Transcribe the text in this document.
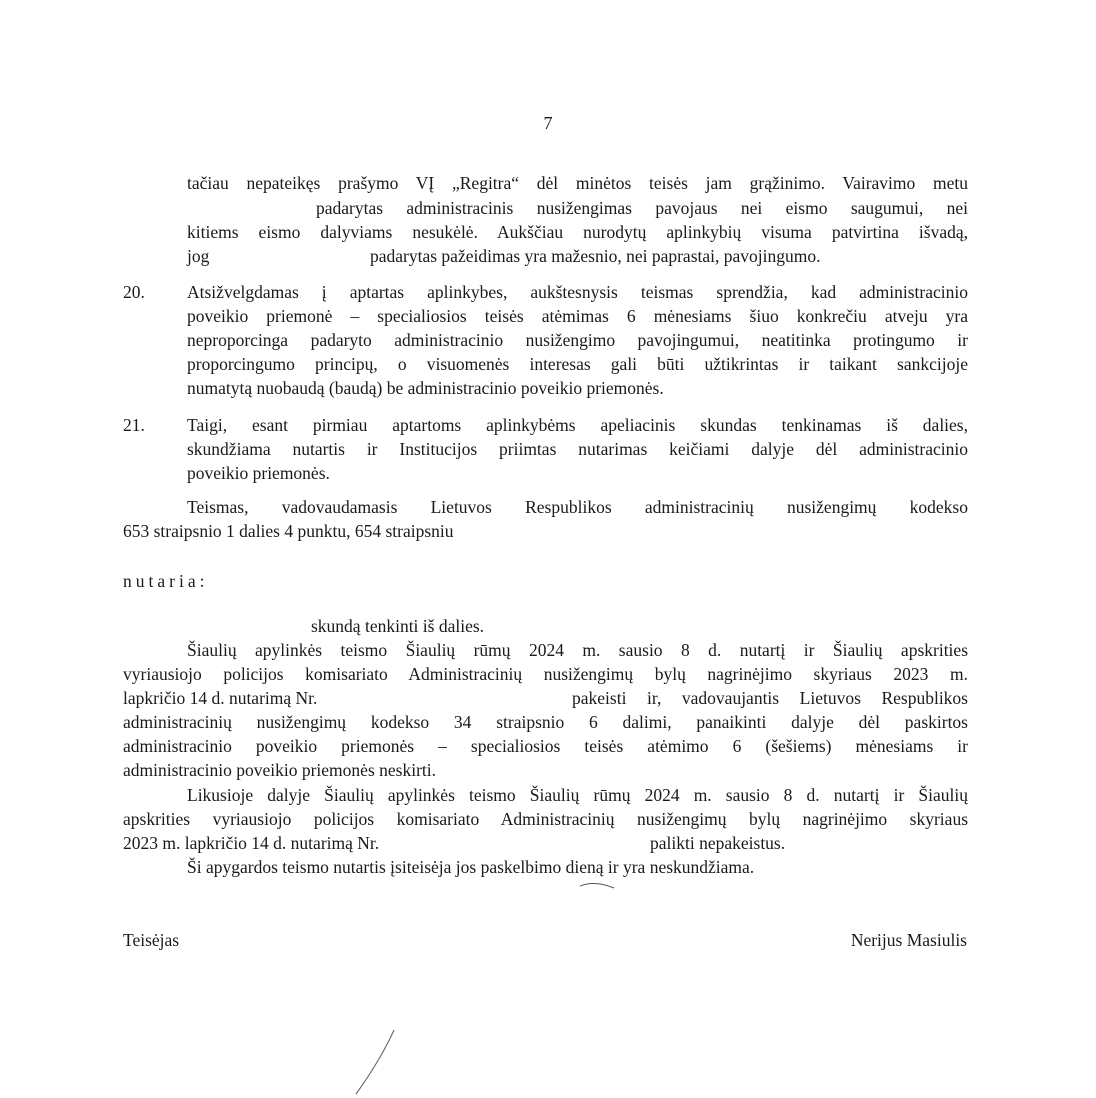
7

tačiau nepateikęs prašymo VĮ „Regitra“ dėl minėtos teisės jam grąžinimo. Vairavimo metu

padarytas administracinis nusižengimas pavojaus nei eismo saugumui, nei

kitiems eismo dalyviams nesukėlė. Aukščiau nurodytų aplinkybių visuma patvirtina išvadą,

jog	padarytas pažeidimas yra mažesnio, nei paprastai, pavojingumo.

20. Atsižvelgdamas į aptartas aplinkybes, aukštesnysis teismas sprendžia, kad administracinio

poveikio priemonė – specialiosios teisės atėmimas 6 mėnesiams šiuo konkrečiu atveju yra

neproporcinga padaryto administracinio nusižengimo pavojingumui, neatitinka protingumo ir

proporcingumo principų, o visuomenės interesas gali būti užtikrintas ir taikant sankcijoje

numatytą nuobaudą (baudą) be administracinio poveikio priemonės.

21. Taigi, esant pirmiau aptartoms aplinkybėms apeliacinis skundas tenkinamas iš dalies,

skundžiama nutartis ir Institucijos priimtas nutarimas keičiami dalyje dėl administracinio

poveikio priemonės.

Teismas, vadovaudamasis Lietuvos Respublikos administracinių nusižengimų kodekso

653 straipsnio 1 dalies 4 punktu, 654 straipsniu

nutaria:

skundą tenkinti iš dalies.

Šiaulių apylinkės teismo Šiaulių rūmų 2024 m. sausio 8 d. nutartį ir Šiaulių apskrities

vyriausiojo policijos komisariato Administracinių nusižengimų bylų nagrinėjimo skyriaus 2023 m.

lapkričio 14 d. nutarimą Nr.	pakeisti ir, vadovaujantis Lietuvos Respublikos

administracinių nusižengimų kodekso 34 straipsnio 6 dalimi, panaikinti dalyje dėl paskirtos

administracinio poveikio priemonės – specialiosios teisės atėmimo 6 (šešiems) mėnesiams ir

administracinio poveikio priemonės neskirti.

Likusioje dalyje Šiaulių apylinkės teismo Šiaulių rūmų 2024 m. sausio 8 d. nutartį ir Šiaulių

apskrities vyriausiojo policijos komisariato Administracinių nusižengimų bylų nagrinėjimo skyriaus

2023 m. lapkričio 14 d. nutarimą Nr.	palikti nepakeistus.

Ši apygardos teismo nutartis įsiteisėja jos paskelbimo dieną ir yra neskundžiama.

Teisėjas	Nerijus Masiulis
